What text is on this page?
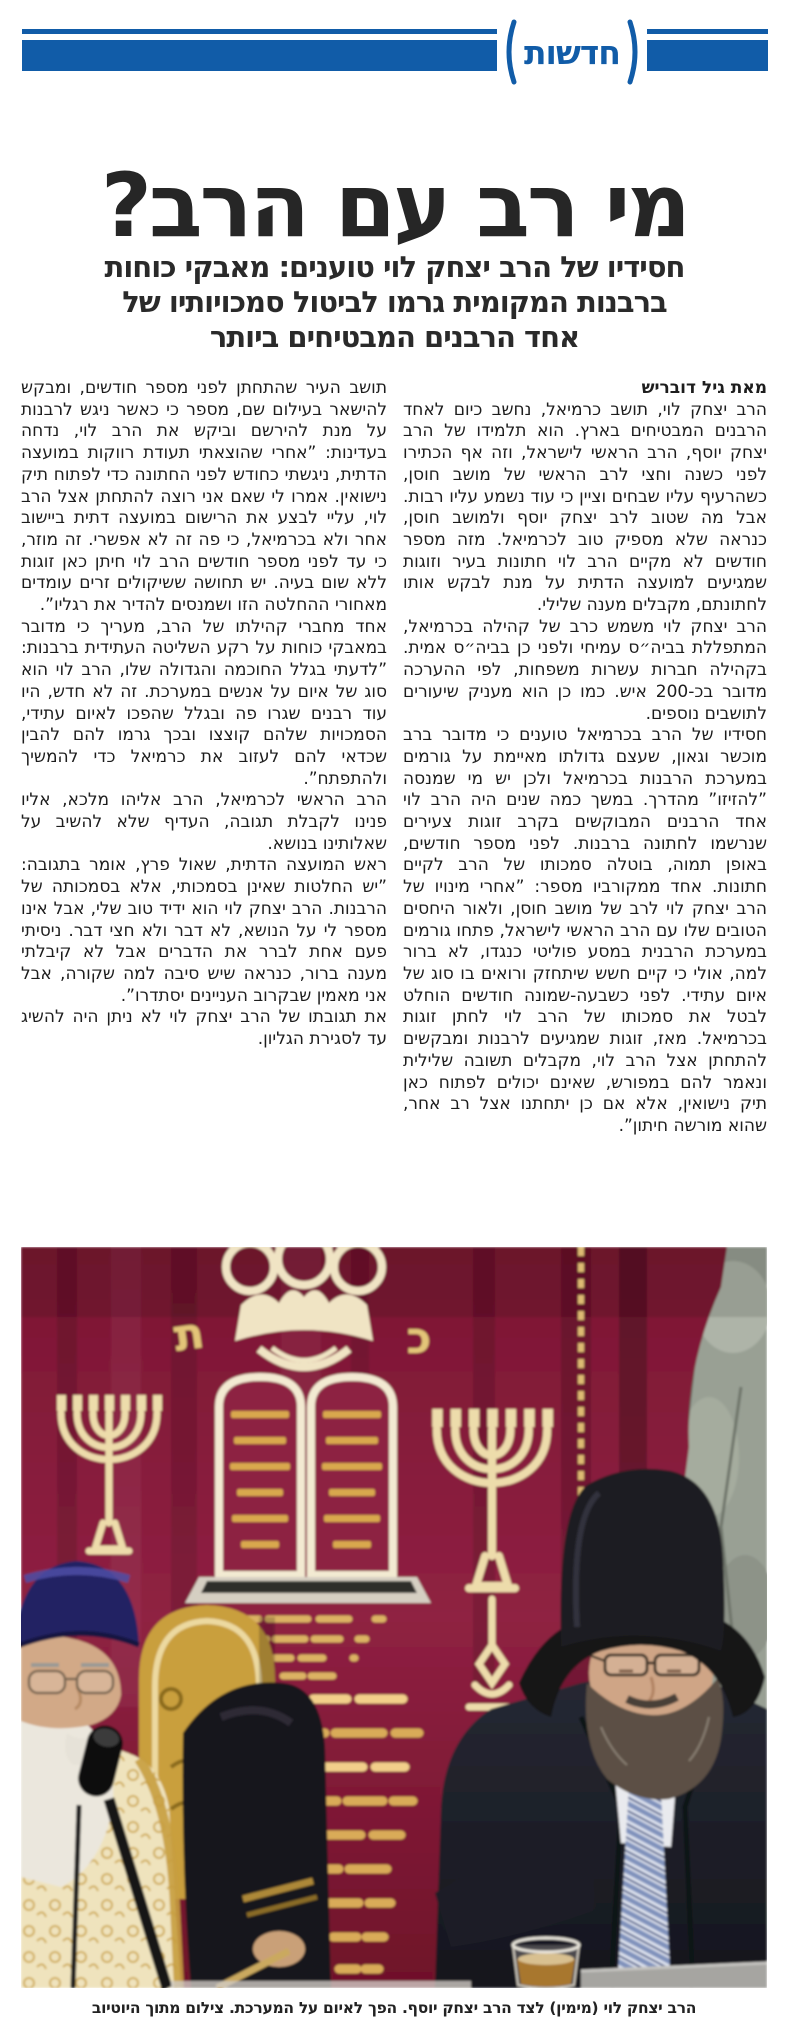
חדשות
מי רב עם הרב?
חסידיו של הרב יצחק לוי טוענים: מאבקי כוחות
ברבנות המקומית גרמו לביטול סמכויותיו של
אחד הרבנים המבטיחים ביותר

מאת גיל דובריש

הרב יצחק לוי, תושב כרמיאל, נחשב כיום לאחד הרבנים המבטיחים בארץ. הוא תלמידו של הרב יצחק יוסף, הרב הראשי לישראל, וזה אף הכתירו לפני כשנה וחצי לרב הראשי של מושב חוסן, כשהרעיף עליו שבחים וציין כי עוד נשמע עליו רבות. אבל מה שטוב לרב יצחק יוסף ולמושב חוסן, כנראה שלא מספיק טוב לכרמיאל. מזה מספר חודשים לא מקיים הרב לוי חתונות בעיר וזוגות שמגיעים למועצה הדתית על מנת לבקש אותו לחתונתם, מקבלים מענה שלילי.

הרב יצחק לוי משמש כרב של קהילה בכרמיאל, המתפללת בביה״ס עמיחי ולפני כן בביה״ס אמית. בקהילה חברות עשרות משפחות, לפי ההערכה מדובר בכ-200 איש. כמו כן הוא מעניק שיעורים לתושבים נוספים.

חסידיו של הרב בכרמיאל טוענים כי מדובר ברב מוכשר וגאון, שעצם גדולתו מאיימת על גורמים במערכת הרבנות בכרמיאל ולכן יש מי שמנסה ”להזיזו” מהדרך. במשך כמה שנים היה הרב לוי אחד הרבנים המבוקשים בקרב זוגות צעירים שנרשמו לחתונה ברבנות. לפני מספר חודשים, באופן תמוה, בוטלה סמכותו של הרב לקיים חתונות. אחד ממקורביו מספר: ”אחרי מינויו של הרב יצחק לוי לרב של מושב חוסן, ולאור היחסים הטובים שלו עם הרב הראשי לישראל, פתחו גורמים במערכת הרבנית במסע פוליטי כנגדו, לא ברור למה, אולי כי קיים חשש שיתחזק ורואים בו סוג של איום עתידי. לפני כשבעה-שמונה חודשים הוחלט לבטל את סמכותו של הרב לוי לחתן זוגות בכרמיאל. מאז, זוגות שמגיעים לרבנות ומבקשים להתחתן אצל הרב לוי, מקבלים תשובה שלילית ונאמר להם במפורש, שאינם יכולים לפתוח כאן תיק נישואין, אלא אם כן יתחתנו אצל רב אחר, שהוא מורשה חיתון”.

תושב העיר שהתחתן לפני מספר חודשים, ומבקש להישאר בעילום שם, מספר כי כאשר ניגש לרבנות על מנת להירשם וביקש את הרב לוי, נדחה בעדינות: ”אחרי שהוצאתי תעודת רווקות במועצה הדתית, ניגשתי כחודש לפני החתונה כדי לפתוח תיק נישואין. אמרו לי שאם אני רוצה להתחתן אצל הרב לוי, עליי לבצע את הרישום במועצה דתית ביישוב אחר ולא בכרמיאל, כי פה זה לא אפשרי. זה מוזר, כי עד לפני מספר חודשים הרב לוי חיתן כאן זוגות ללא שום בעיה. יש תחושה ששיקולים זרים עומדים מאחורי ההחלטה הזו ושמנסים להדיר את רגליו”.

אחד מחברי קהילתו של הרב, מעריך כי מדובר במאבקי כוחות על רקע השליטה העתידית ברבנות: ”לדעתי בגלל החוכמה והגדולה שלו, הרב לוי הוא סוג של איום על אנשים במערכת. זה לא חדש, היו עוד רבנים שגרו פה ובגלל שהפכו לאיום עתידי, הסמכויות שלהם קוצצו ובכך גרמו להם להבין שכדאי להם לעזוב את כרמיאל כדי להמשיך ולהתפתח”.

הרב הראשי לכרמיאל, הרב אליהו מלכא, אליו פנינו לקבלת תגובה, העדיף שלא להשיב על שאלותינו בנושא.

ראש המועצה הדתית, שאול פרץ, אומר בתגובה: ”יש החלטות שאינן בסמכותי, אלא בסמכותה של הרבנות. הרב יצחק לוי הוא ידיד טוב שלי, אבל אינו מספר לי על הנושא, לא דבר ולא חצי דבר. ניסיתי פעם אחת לברר את הדברים אבל לא קיבלתי מענה ברור, כנראה שיש סיבה למה שקורה, אבל אני מאמין שבקרוב העניינים יסתדרו”.

את תגובתו של הרב יצחק לוי לא ניתן היה להשיג עד לסגירת הגליון.

ת	כ
הרב יצחק לוי (מימין) לצד הרב יצחק יוסף. הפך לאיום על המערכת. צילום מתוך היוטיוב
